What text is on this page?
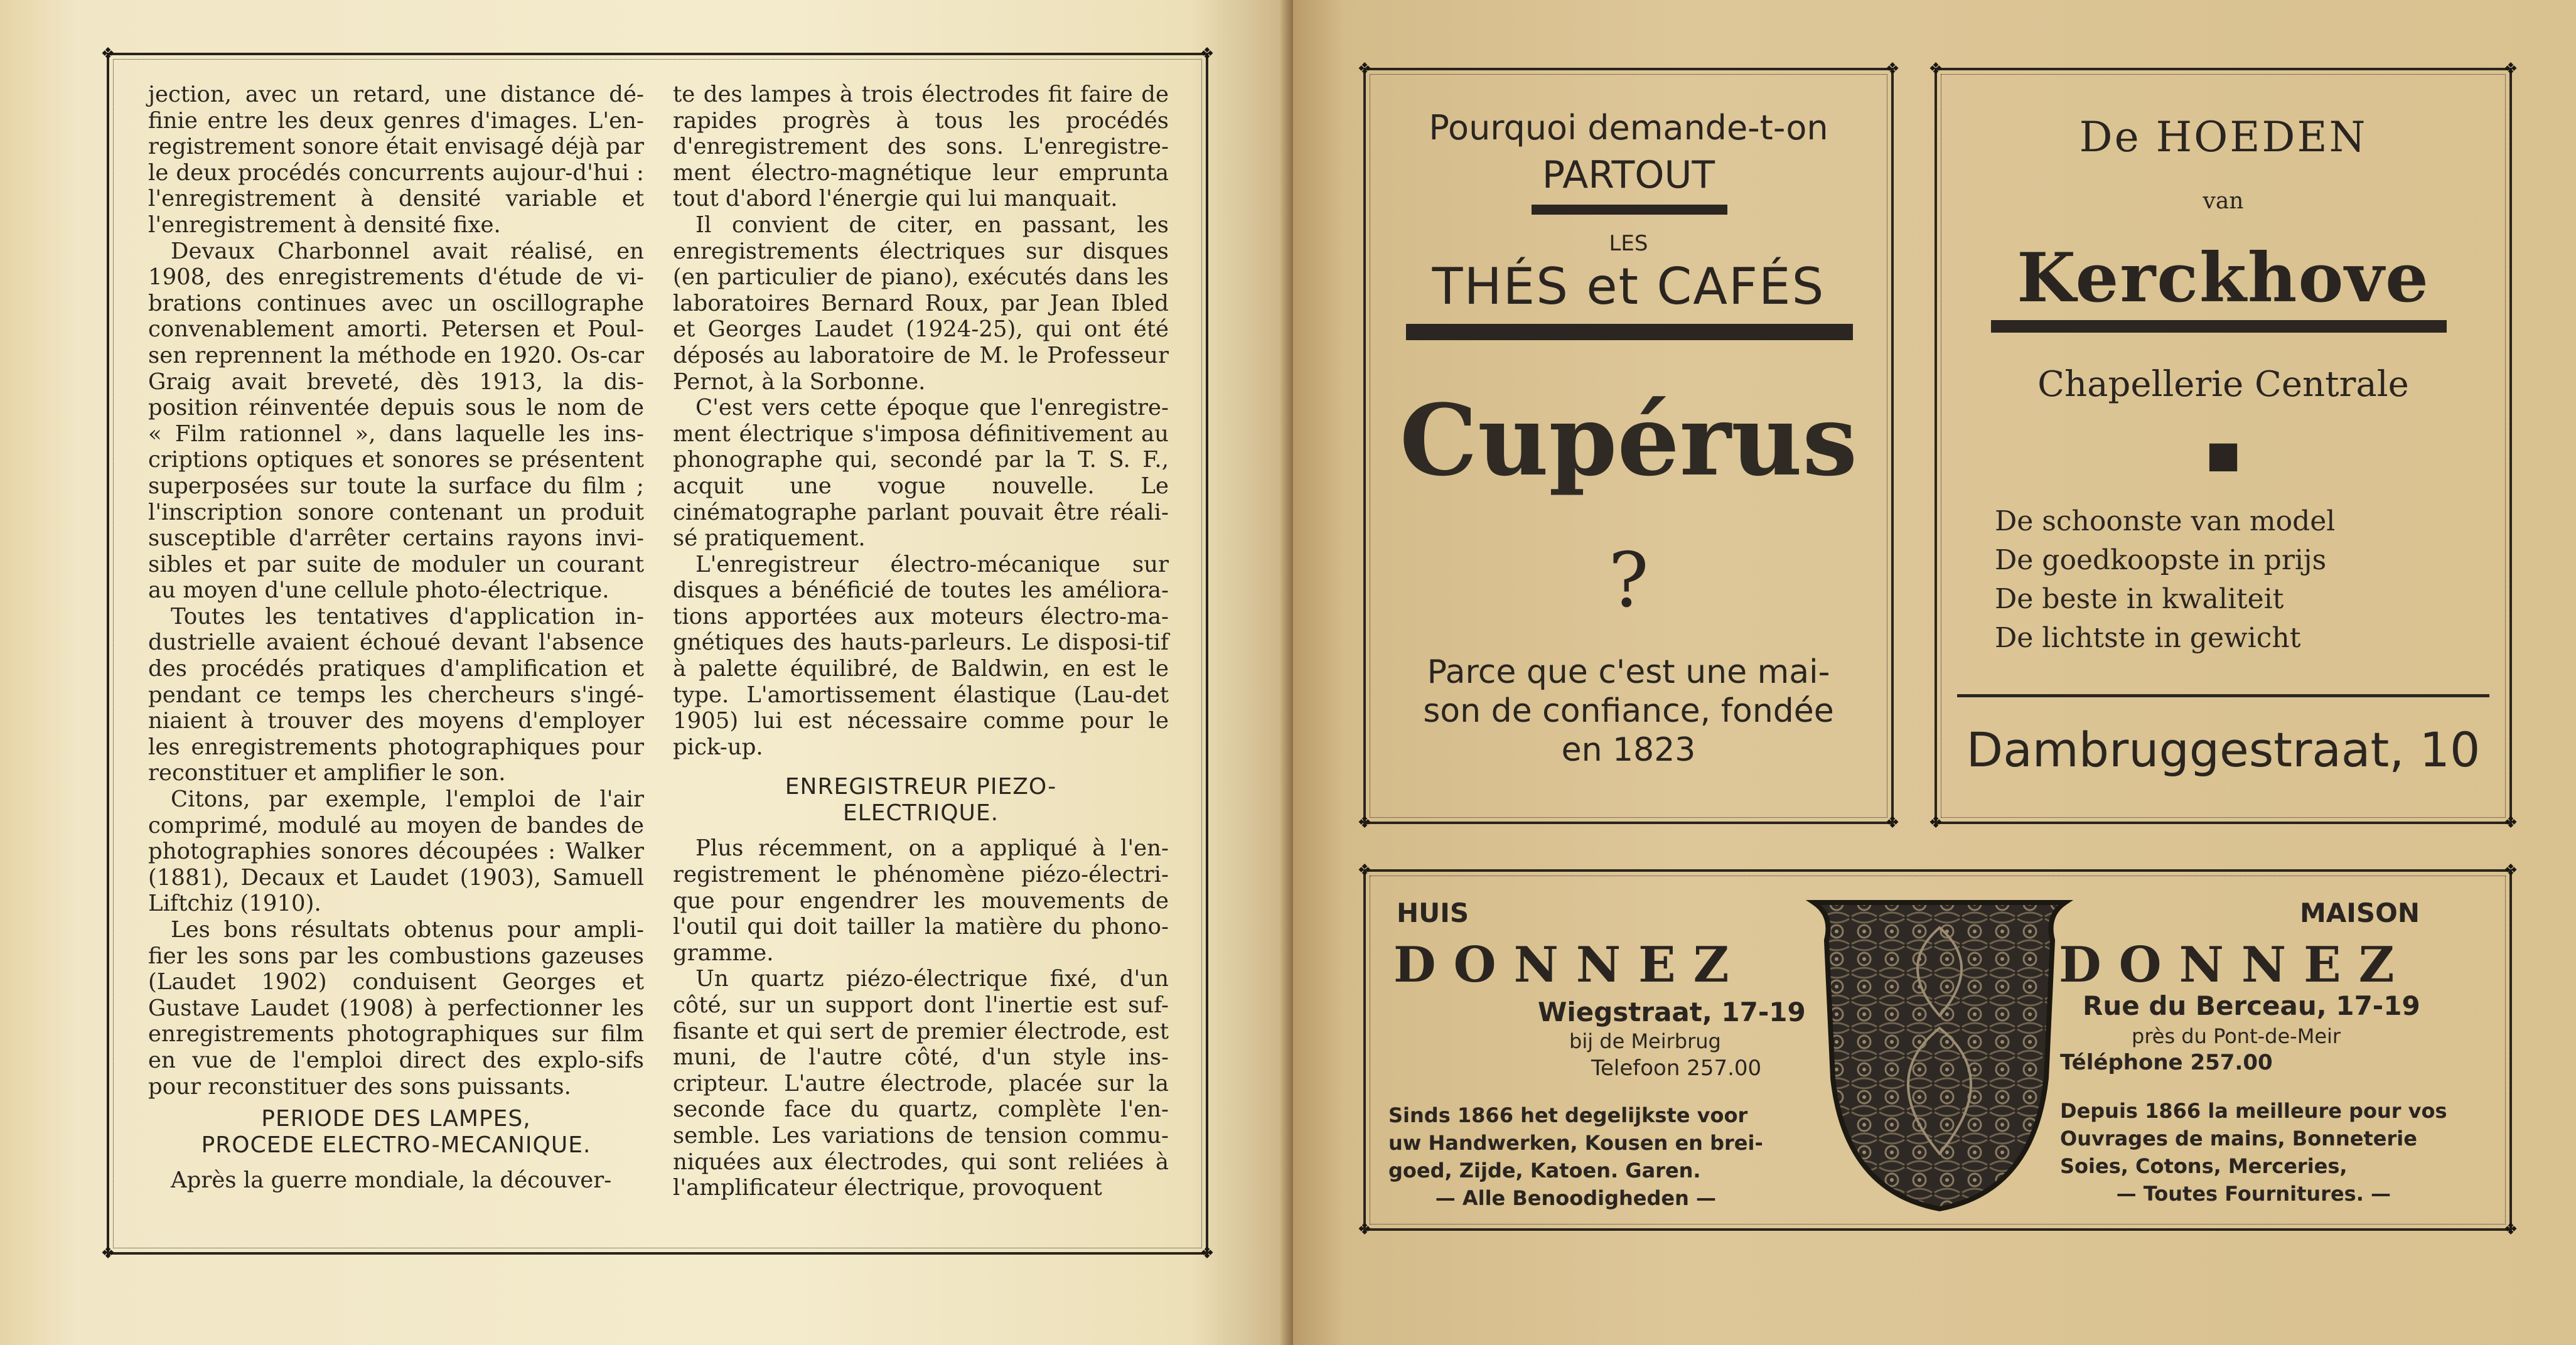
❖	❖
❖	❖

jection, avec un retard, une distance dé-finie entre les deux genres d'images. L'en-registrement sonore était envisagé déjà par le deux procédés concurrents aujour-d'hui : l'enregistrement à densité variable et l'enregistrement à densité fixe.

Devaux Charbonnel avait réalisé, en 1908, des enregistrements d'étude de vi-brations continues avec un oscillographe convenablement amorti. Petersen et Poul-sen reprennent la méthode en 1920. Os-car Graig avait breveté, dès 1913, la dis-position réinventée depuis sous le nom de « Film rationnel », dans laquelle les ins-criptions optiques et sonores se présentent superposées sur toute la surface du film ; l'inscription sonore contenant un produit susceptible d'arrêter certains rayons invi-sibles et par suite de moduler un courant au moyen d'une cellule photo-électrique.

Toutes les tentatives d'application in-dustrielle avaient échoué devant l'absence des procédés pratiques d'amplification et pendant ce temps les chercheurs s'ingé-niaient à trouver des moyens d'employer les enregistrements photographiques pour reconstituer et amplifier le son.

Citons, par exemple, l'emploi de l'air comprimé, modulé au moyen de bandes de photographies sonores découpées : Walker (1881), Decaux et Laudet (1903), Samuell Liftchiz (1910).

Les bons résultats obtenus pour ampli-fier les sons par les combustions gazeuses (Laudet 1902) conduisent Georges et Gustave Laudet (1908) à perfectionner les enregistrements photographiques sur film en vue de l'emploi direct des explo-sifs pour reconstituer des sons puissants.

PERIODE DES LAMPES,
PROCEDE ELECTRO-MECANIQUE.

Après la guerre mondiale, la découver-

te des lampes à trois électrodes fit faire de rapides progrès à tous les procédés d'enregistrement des sons. L'enregistre-ment électro-magnétique leur emprunta tout d'abord l'énergie qui lui manquait.

Il convient de citer, en passant, les enregistrements électriques sur disques (en particulier de piano), exécutés dans les laboratoires Bernard Roux, par Jean Ibled et Georges Laudet (1924-25), qui ont été déposés au laboratoire de M. le Professeur Pernot, à la Sorbonne.

C'est vers cette époque que l'enregistre-ment électrique s'imposa définitivement au phonographe qui, secondé par la T. S. F., acquit une vogue nouvelle. Le cinématographe parlant pouvait être réali-sé pratiquement.

L'enregistreur électro-mécanique sur disques a bénéficié de toutes les améliora-tions apportées aux moteurs électro-ma-gnétiques des hauts-parleurs. Le disposi-tif à palette équilibré, de Baldwin, en est le type. L'amortissement élastique (Lau-det 1905) lui est nécessaire comme pour le pick-up.

ENREGISTREUR PIEZO-
ELECTRIQUE.

Plus récemment, on a appliqué à l'en-registrement le phénomène piézo-électri-que pour engendrer les mouvements de l'outil qui doit tailler la matière du phono-gramme.

Un quartz piézo-électrique fixé, d'un côté, sur un support dont l'inertie est suf-fisante et qui sert de premier électrode, est muni, de l'autre côté, d'un style ins-cripteur. L'autre électrode, placée sur la seconde face du quartz, complète l'en-semble. Les variations de tension commu-niquées aux électrodes, qui sont reliées à l'amplificateur électrique, provoquent

❖	❖
❖	❖
Pourquoi demande-t-on
PARTOUT
LES
THÉS et CAFÉS
Cupérus
?
Parce que c'est une mai-
son de confiance, fondée
en 1823
❖	❖
❖	❖
De HOEDEN
van
Kerckhove
Chapellerie Centrale
■
De schoonste van model
De goedkoopste in prijs
De beste in kwaliteit
De lichtste in gewicht
Dambruggestraat, 10
❖	❖
❖	❖
HUIS
DONNEZ
Wiegstraat, 17-19
bij de Meirbrug
Telefoon 257.00
Sinds 1866 het degelijkste voor
uw Handwerken, Kousen en brei-
goed, Zijde, Katoen. Garen.
— Alle Benoodigheden —
MAISON
DONNEZ
Rue du Berceau, 17-19
près du Pont-de-Meir
Téléphone 257.00
Depuis 1866 la meilleure pour vos
Ouvrages de mains, Bonneterie
Soies, Cotons, Merceries,
— Toutes Fournitures. —
